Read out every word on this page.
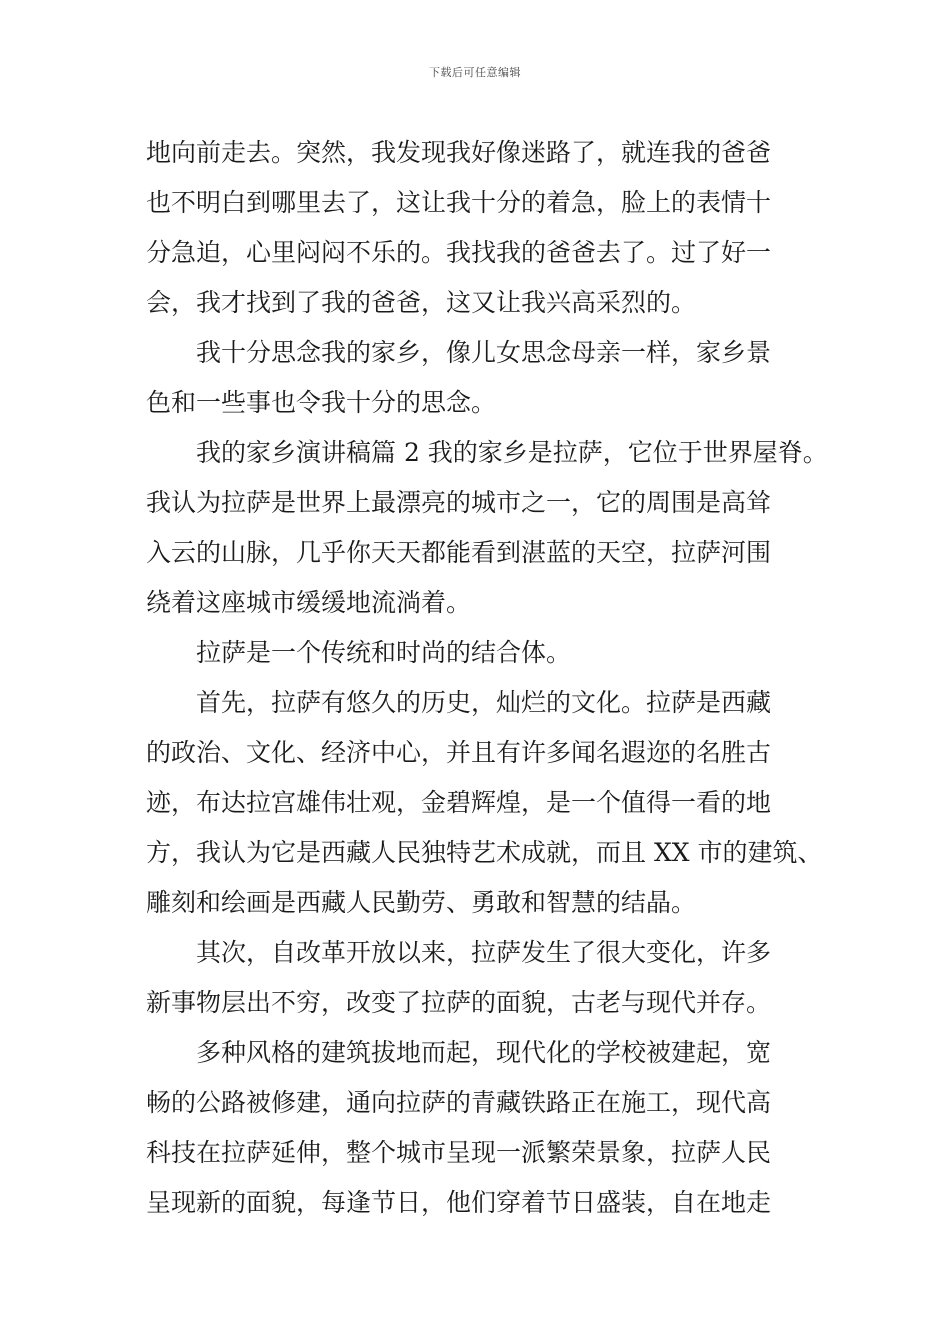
下载后可任意编辑
地向前走去。突然，我发现我好像迷路了，就连我的爸爸
也不明白到哪里去了，这让我十分的着急，脸上的表情十
分急迫，心里闷闷不乐的。我找我的爸爸去了。过了好一
会，我才找到了我的爸爸，这又让我兴高采烈的。
我十分思念我的家乡，像儿女思念母亲一样，家乡景
色和一些事也令我十分的思念。
我的家乡演讲稿篇 2 我的家乡是拉萨，它位于世界屋脊。
我认为拉萨是世界上最漂亮的城市之一，它的周围是高耸
入云的山脉，几乎你天天都能看到湛蓝的天空，拉萨河围
绕着这座城市缓缓地流淌着。
拉萨是一个传统和时尚的结合体。
首先，拉萨有悠久的历史，灿烂的文化。拉萨是西藏
的政治、文化、经济中心，并且有许多闻名遐迩的名胜古
迹，布达拉宫雄伟壮观，金碧辉煌，是一个值得一看的地
方，我认为它是西藏人民独特艺术成就，而且 XX 市的建筑、
雕刻和绘画是西藏人民勤劳、勇敢和智慧的结晶。
其次，自改革开放以来，拉萨发生了很大变化，许多
新事物层出不穷，改变了拉萨的面貌，古老与现代并存。
多种风格的建筑拔地而起，现代化的学校被建起，宽
畅的公路被修建，通向拉萨的青藏铁路正在施工，现代高
科技在拉萨延伸，整个城市呈现一派繁荣景象，拉萨人民
呈现新的面貌，每逢节日，他们穿着节日盛装，自在地走
